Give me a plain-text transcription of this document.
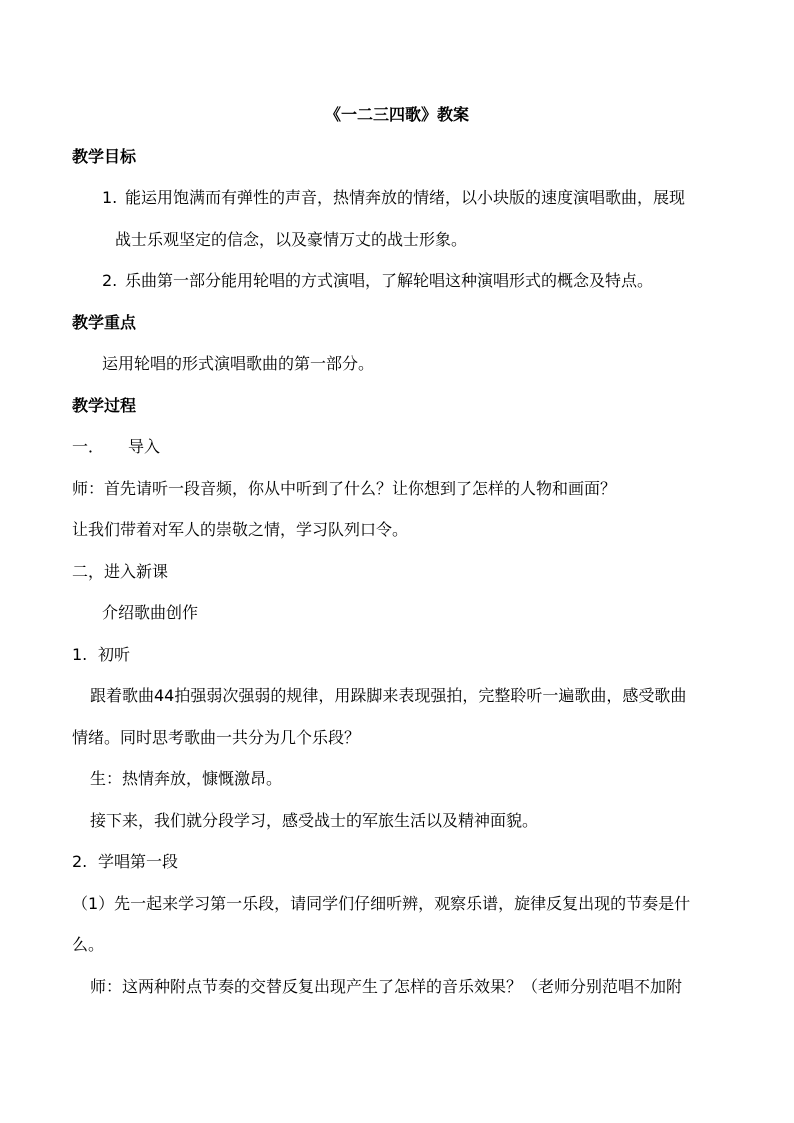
《一二三四歌》教案
教学目标
1. 能运用饱满而有弹性的声音，热情奔放的情绪，以小块版的速度演唱歌曲，展现
战士乐观坚定的信念，以及豪情万丈的战士形象。
2. 乐曲第一部分能用轮唱的方式演唱，了解轮唱这种演唱形式的概念及特点。
教学重点
运用轮唱的形式演唱歌曲的第一部分。
教学过程
一． 导入
师：首先请听一段音频，你从中听到了什么？让你想到了怎样的人物和画面？
让我们带着对军人的崇敬之情，学习队列口令。
二，进入新课
介绍歌曲创作
1. 初听
跟着歌曲44拍强弱次强弱的规律，用跺脚来表现强拍，完整聆听一遍歌曲，感受歌曲
情绪。同时思考歌曲一共分为几个乐段？
生：热情奔放，慷慨激昂。
接下来，我们就分段学习，感受战士的军旅生活以及精神面貌。
2. 学唱第一段
（1）先一起来学习第一乐段，请同学们仔细听辨，观察乐谱，旋律反复出现的节奏是什
么。
师：这两种附点节奏的交替反复出现产生了怎样的音乐效果？（老师分别范唱不加附
